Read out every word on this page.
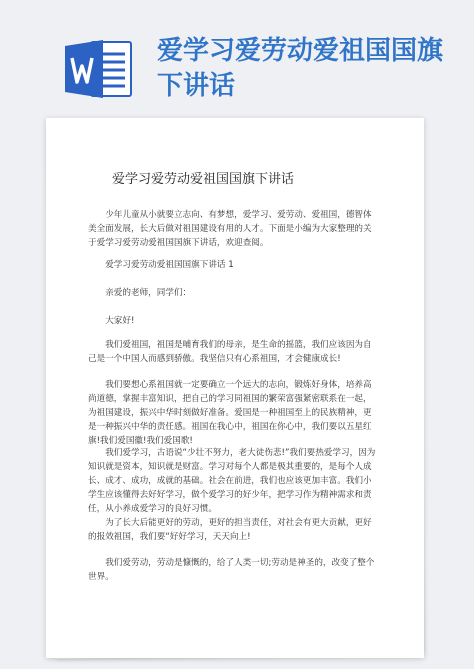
爱学习爱劳动爱祖国国旗下讲话
爱学习爱劳动爱祖国国旗下讲话

少年儿童从小就要立志向、有梦想，爱学习、爱劳动、爱祖国，德智体美全面发展，长大后做对祖国建设有用的人才。下面是小编为大家整理的关于爱学习爱劳动爱祖国国旗下讲话，欢迎查阅。

爱学习爱劳动爱祖国国旗下讲话 1

亲爱的老师，同学们：

大家好!

我们爱祖国，祖国是哺育我们的母亲，是生命的摇篮，我们应该因为自己是一个中国人而感到骄傲。我坚信只有心系祖国，才会健康成长!

我们要想心系祖国就一定要确立一个远大的志向，锻炼好身体，培养高尚道德，掌握丰富知识，把自己的学习同祖国的繁荣富强紧密联系在一起，为祖国建设，振兴中华时刻做好准备。爱国是一种祖国至上的民族精神，更是一种振兴中华的责任感。祖国在我心中，祖国在你心中，我们要以五星红旗!我们爱国徽!我们爱国歌!

我们爱学习，古语说“少壮不努力，老大徒伤悲!”我们要热爱学习，因为知识就是资本，知识就是财富。学习对每个人都是极其重要的，是每个人成长、成才、成功，成就的基础。社会在前进，我们也应该更加丰富。我们小学生应该懂得去好好学习，做个爱学习的好少年，把学习作为精神需求和责任，从小养成爱学习的良好习惯。

为了长大后能更好的劳动，更好的担当责任，对社会有更大贡献，更好的报效祖国，我们要“好好学习，天天向上!

我们爱劳动，劳动是慷慨的，给了人类一切;劳动是神圣的，改变了整个世界。
